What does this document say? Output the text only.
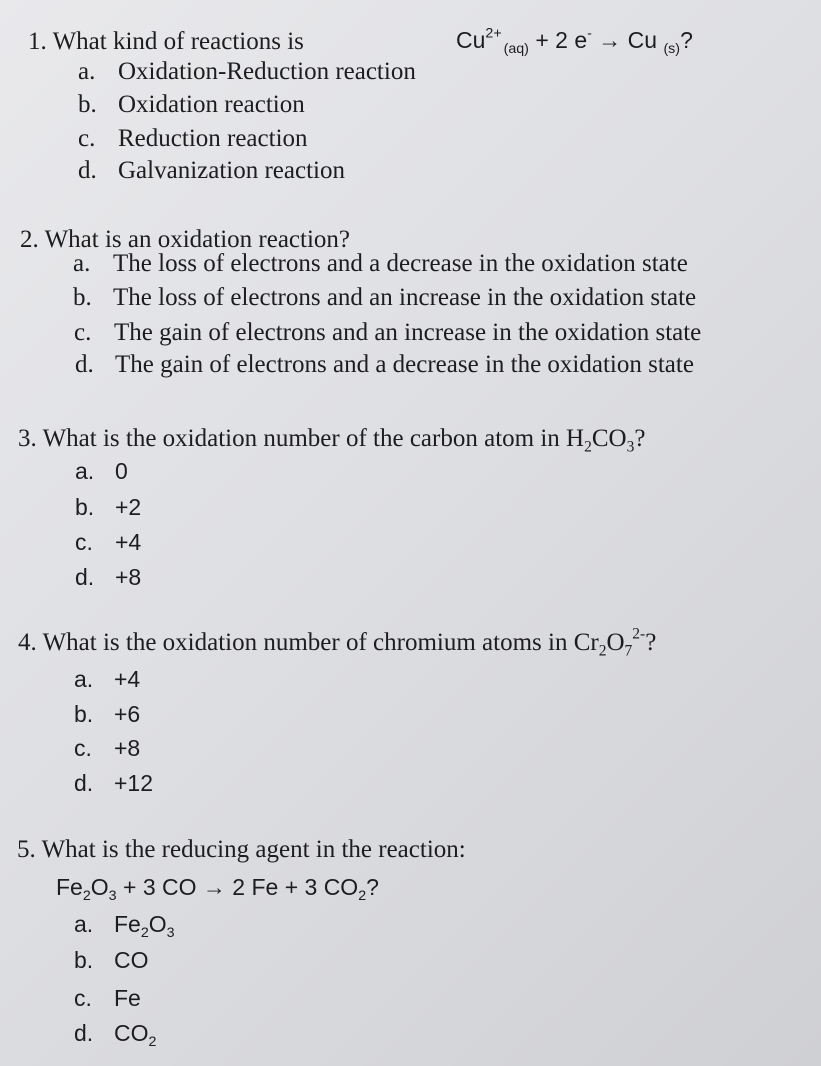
1. What kind of reactions is	$Cu^{2+}$ $_{(aq)}$ + 2 e- → Cu $_{(s)}$?
a. Oxidation-Reduction reaction
b. Oxidation reaction
c. Reduction reaction
d. Galvanization reaction
2. What is an oxidation reaction?
a. The loss of electrons and a decrease in the oxidation state
b. The loss of electrons and an increase in the oxidation state
c. The gain of electrons and an increase in the oxidation state
d. The gain of electrons and a decrease in the oxidation state
3. What is the oxidation number of the carbon atom in $H_2CO_3$?
a. 0
b. +2
c. +4
d. +8
4. What is the oxidation number of chromium atoms in $Cr_2O_7^{2-}$?
a. +4
b. +6
c. +8
d. +12
5. What is the reducing agent in the reaction:
$Fe_2O_3 + 3$ CO → 2 Fe + 3 $CO_2$?
a. $Fe_2O_3$
b. CO
c. Fe
d. $CO_2$
